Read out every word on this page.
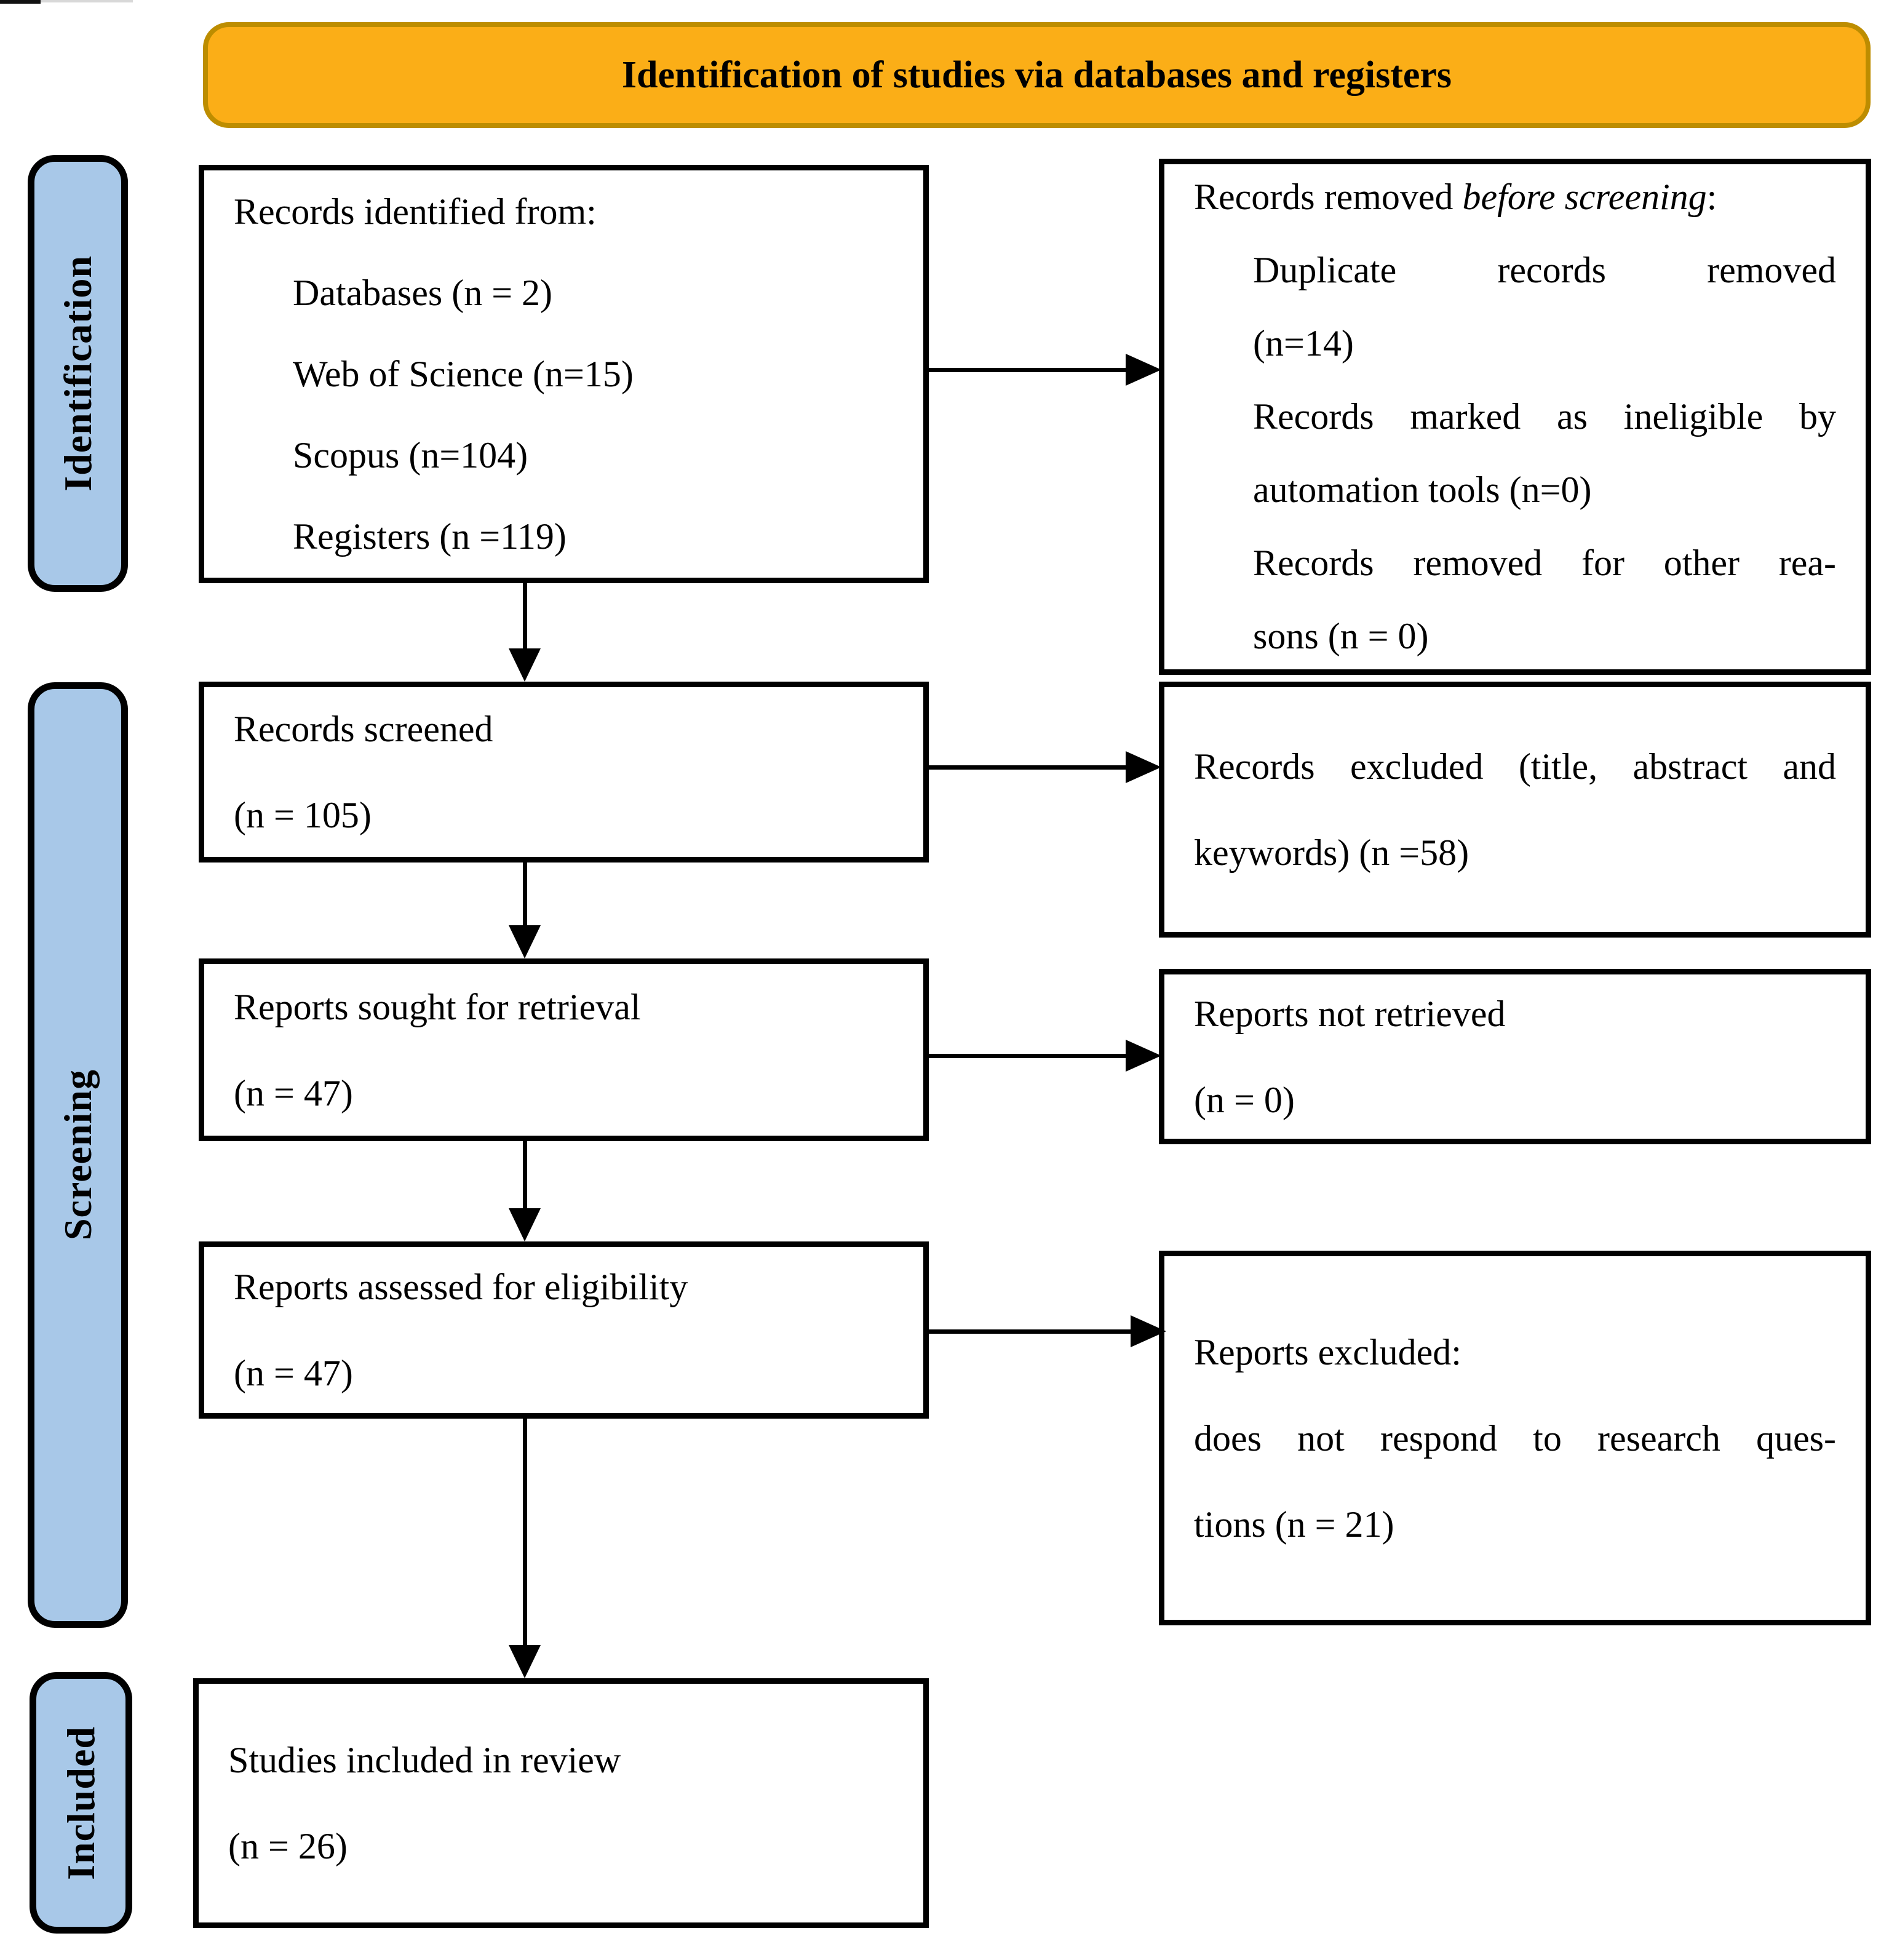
Identification of studies via databases and registers
Identification
Screening
Included
Records identified from:
Databases (n = 2)
Web of Science (n=15)
Scopus (n=104)
Registers (n =119)
Records removed before screening:
Duplicate records removed
(n=14)
Records marked as ineligible by
automation tools (n=0)
Records removed for other rea-
sons (n = 0)
Records screened
(n = 105)
Records excluded (title, abstract and
keywords) (n =58)
Reports sought for retrieval
(n = 47)
Reports not retrieved
(n = 0)
Reports assessed for eligibility
(n = 47)
Reports excluded:
does not respond to research ques-
tions (n = 21)
Studies included in review
(n = 26)
